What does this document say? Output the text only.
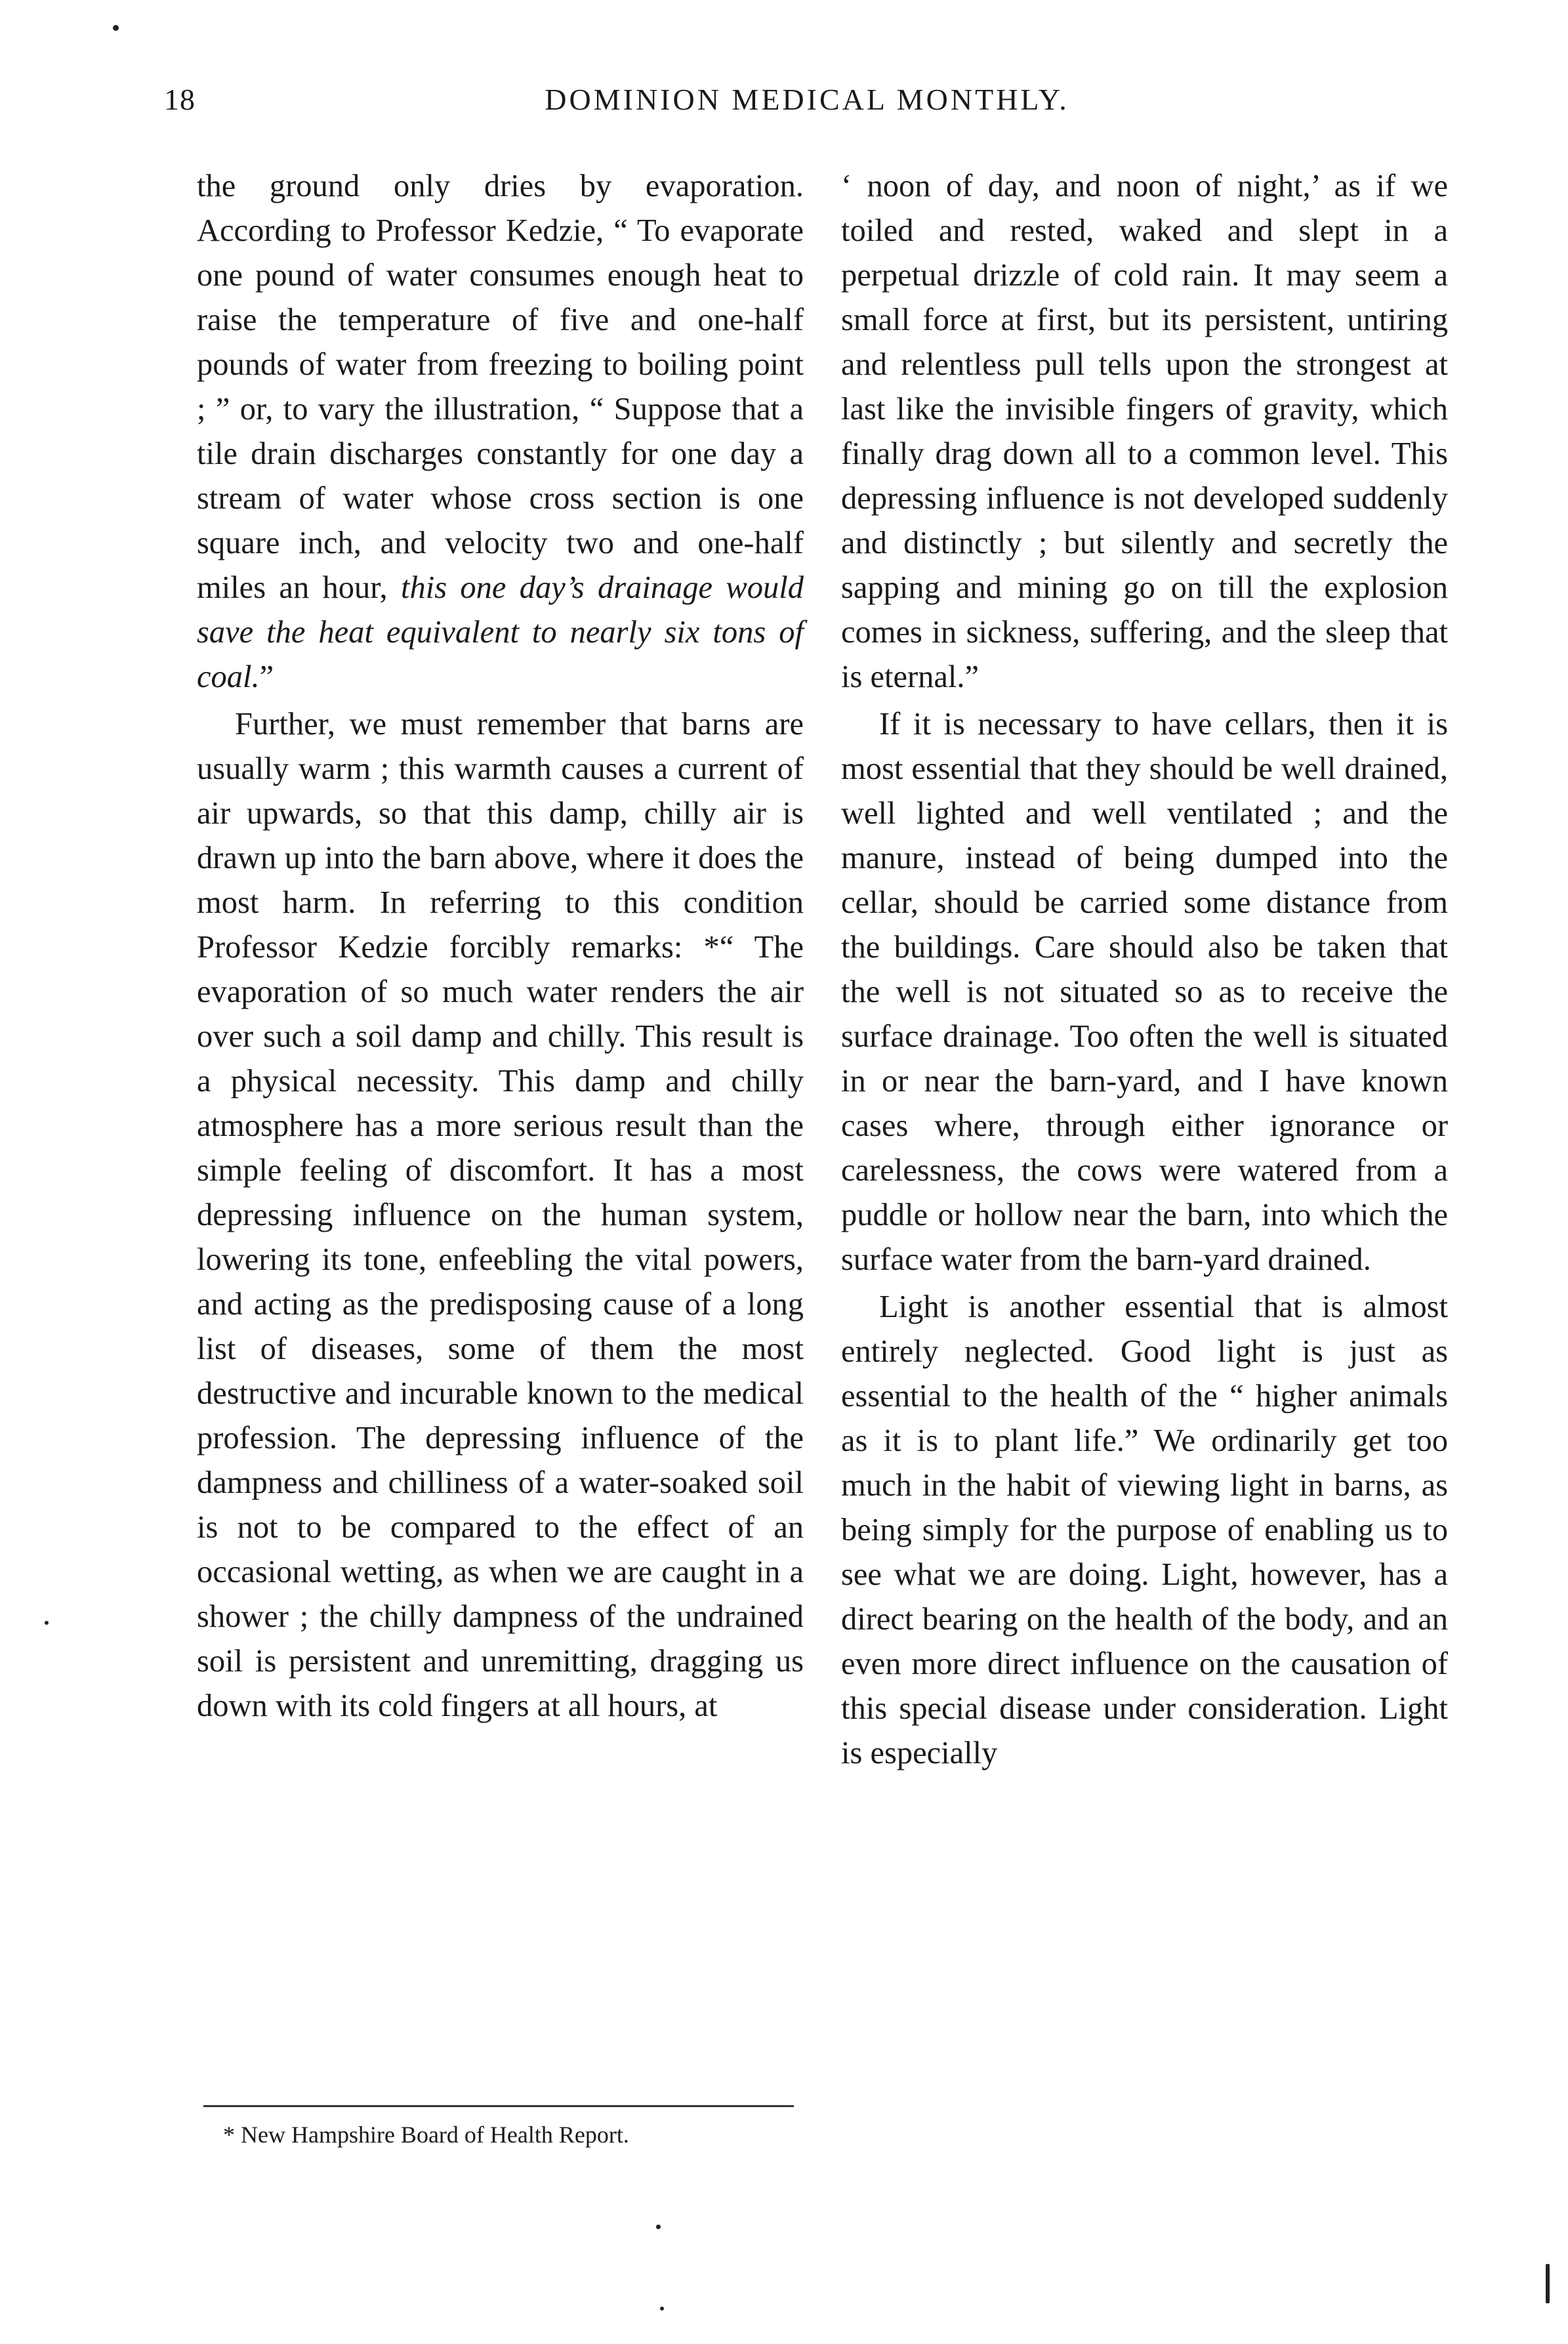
18	DOMINION MEDICAL MONTHLY.

the ground only dries by evaporation. According to Professor Kedzie, “ To evaporate one pound of water consumes enough heat to raise the temperature of five and one-half pounds of water from freezing to boiling point ; ” or, to vary the illustration, “ Suppose that a tile drain discharges constantly for one day a stream of water whose cross section is one square inch, and velocity two and one-half miles an hour, this one day’s drainage would save the heat equivalent to nearly six tons of coal.”

Further, we must remember that barns are usually warm ; this warmth causes a current of air upwards, so that this damp, chilly air is drawn up into the barn above, where it does the most harm. In referring to this condition Professor Kedzie forcibly remarks: *“ The evaporation of so much water renders the air over such a soil damp and chilly. This result is a physical necessity. This damp and chilly atmosphere has a more serious result than the simple feeling of discomfort. It has a most depressing influence on the human system, lowering its tone, enfeebling the vital powers, and acting as the predisposing cause of a long list of diseases, some of them the most destructive and incurable known to the medical profession. The depressing influence of the dampness and chilliness of a water-soaked soil is not to be compared to the effect of an occasional wetting, as when we are caught in a shower ; the chilly dampness of the undrained soil is persistent and unremitting, dragging us down with its cold fingers at all hours, at

‘ noon of day, and noon of night,’ as if we toiled and rested, waked and slept in a perpetual drizzle of cold rain. It may seem a small force at first, but its persistent, untiring and relentless pull tells upon the strongest at last like the invisible fingers of gravity, which finally drag down all to a common level. This depressing influence is not developed suddenly and distinctly ; but silently and secretly the sapping and mining go on till the explosion comes in sickness, suffering, and the sleep that is eternal.”

If it is necessary to have cellars, then it is most essential that they should be well drained, well lighted and well ventilated ; and the manure, instead of being dumped into the cellar, should be carried some distance from the buildings. Care should also be taken that the well is not situated so as to receive the surface drainage. Too often the well is situated in or near the barn-yard, and I have known cases where, through either ignorance or carelessness, the cows were watered from a puddle or hollow near the barn, into which the surface water from the barn-yard drained.

Light is another essential that is almost entirely neglected. Good light is just as essential to the health of the “ higher animals as it is to plant life.” We ordinarily get too much in the habit of viewing light in barns, as being simply for the purpose of enabling us to see what we are doing. Light, however, has a direct bearing on the health of the body, and an even more direct influence on the causation of this special disease under consideration. Light is especially

* New Hampshire Board of Health Report.
